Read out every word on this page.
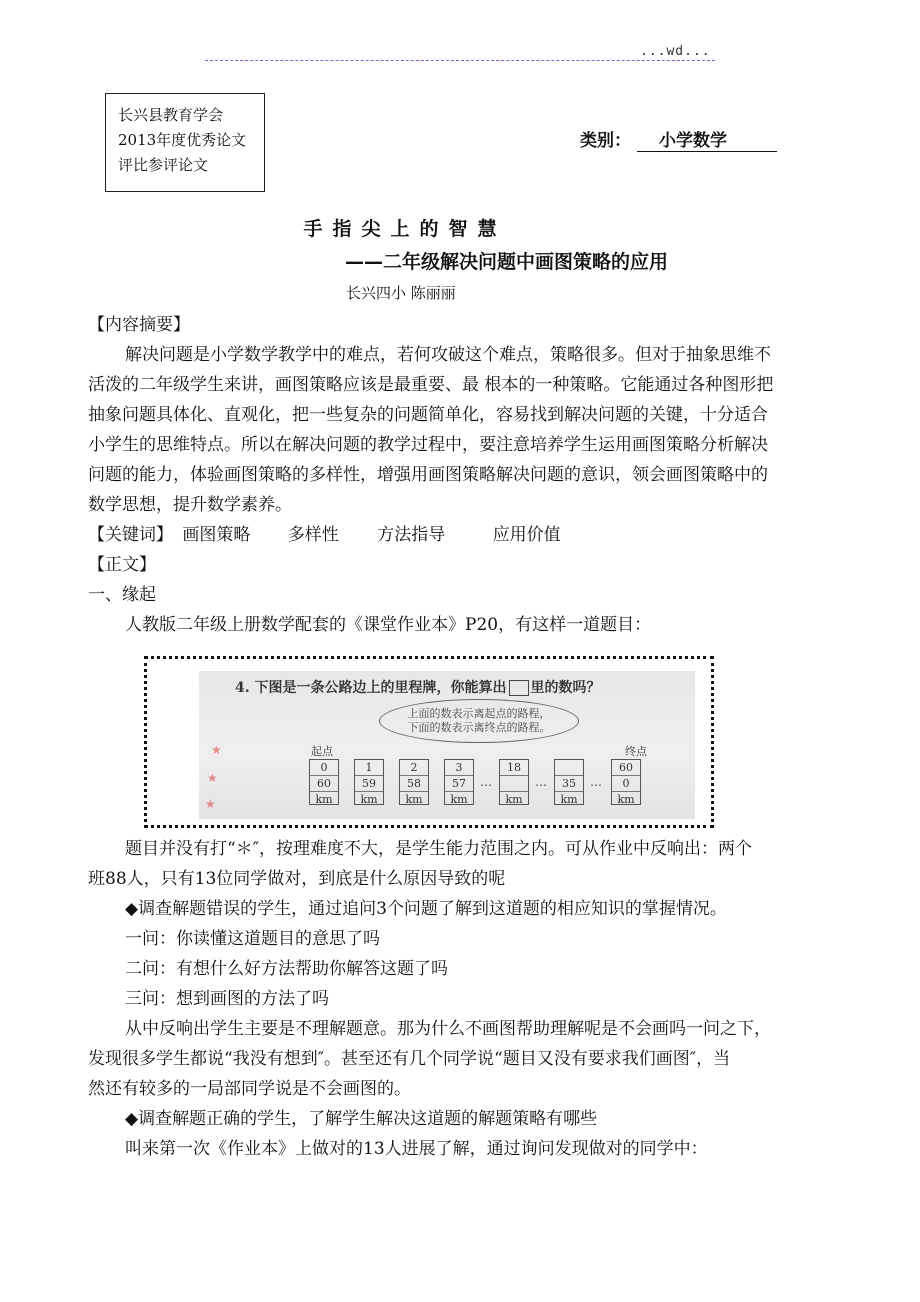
...wd...
长兴县教育学会
2013年度优秀论文
评比参评论文
类别： 小学数学
手指尖上的智慧
——二年级解决问题中画图策略的应用
长兴四小 陈丽丽
【内容摘要】
解决问题是小学数学教学中的难点，若何攻破这个难点，策略很多。但对于抽象思维不
活泼的二年级学生来讲，画图策略应该是最重要、最 根本的一种策略。它能通过各种图形把
抽象问题具体化、直观化，把一些复杂的问题简单化，容易找到解决问题的关键，十分适合
小学生的思维特点。所以在解决问题的教学过程中，要注意培养学生运用画图策略分析解决
问题的能力，体验画图策略的多样性，增强用画图策略解决问题的意识，领会画图策略中的
数学思想，提升数学素养。
【关键词】 画图策略 多样性 方法指导	应用价值
【正文】
一、缘起
人教版二年级上册数学配套的《课堂作业本》P20，有这样一道题目：
4. 下图是一条公路边上的里程牌，你能算出 里的数吗？
上面的数表示离起点的路程，
下面的数表示离终点的路程。
起点	终点
0
60
km
1
59
km
2
58
km
3
57
km
…
18
km
…	35
km
…
60
0
km
★
★
★
题目并没有打“＊″，按理难度不大，是学生能力范围之内。可从作业中反响出：两个
班88人，只有13位同学做对，到底是什么原因导致的呢
◆调查解题错误的学生，通过追问3个问题了解到这道题的相应知识的掌握情况。
一问：你读懂这道题目的意思了吗
二问：有想什么好方法帮助你解答这题了吗
三问：想到画图的方法了吗
从中反响出学生主要是不理解题意。那为什么不画图帮助理解呢是不会画吗一问之下，
发现很多学生都说“我没有想到″。甚至还有几个同学说“题目又没有要求我们画图″，当
然还有较多的一局部同学说是不会画图的。
◆调查解题正确的学生，了解学生解决这道题的解题策略有哪些
叫来第一次《作业本》上做对的13人进展了解，通过询问发现做对的同学中：
